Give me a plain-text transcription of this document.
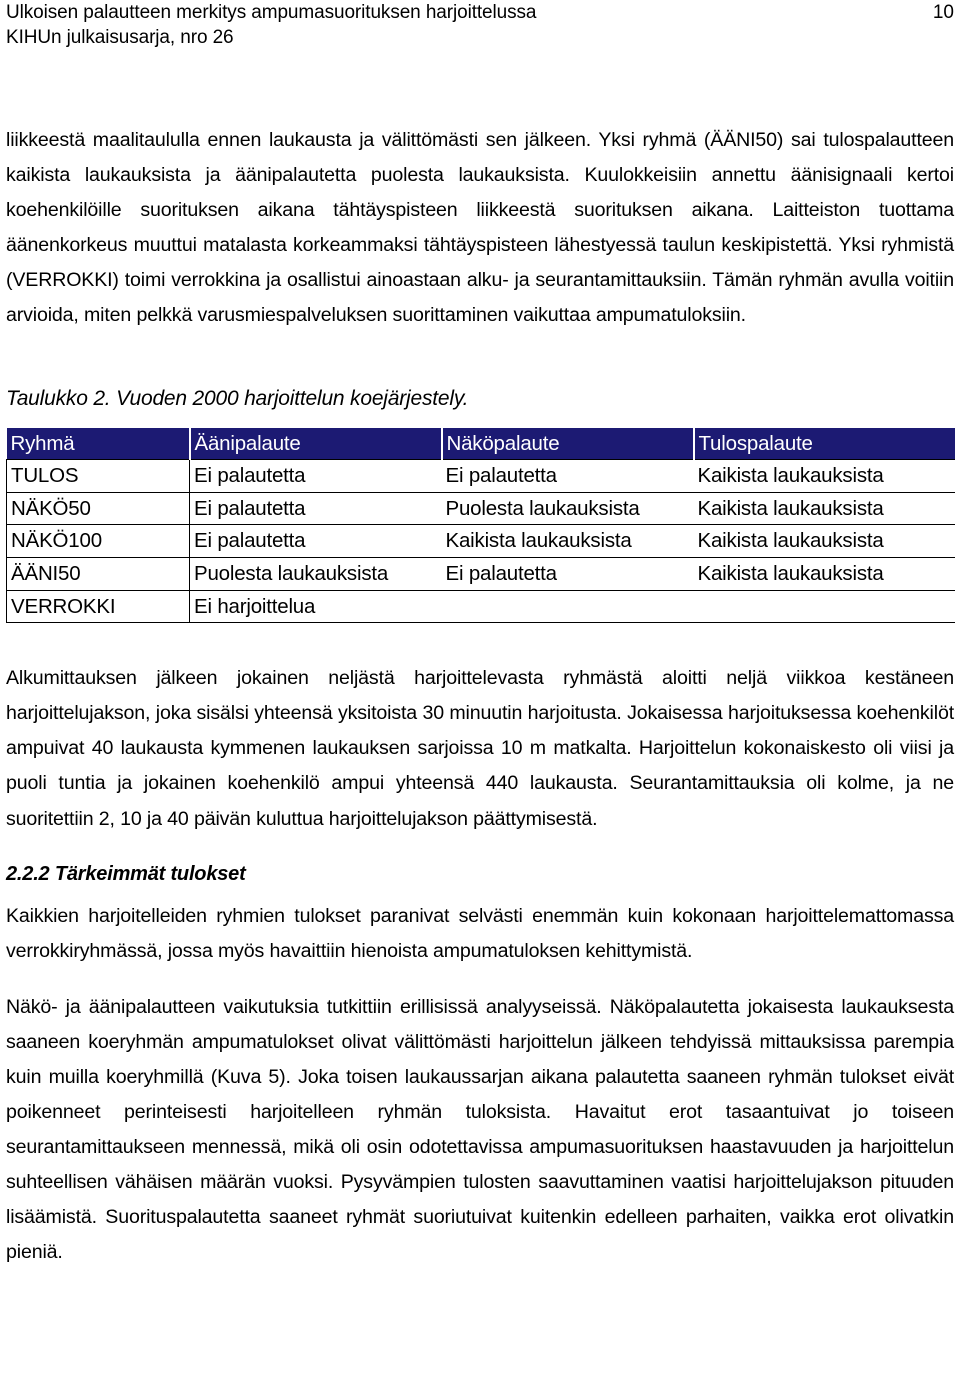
Ulkoisen palautteen merkitys ampumasuorituksen harjoittelussa
KIHUn julkaisusarja, nro 26
10

liikkeestä maalitaululla ennen laukausta ja välittömästi sen jälkeen. Yksi ryhmä (ÄÄNI50) sai tulospalautteen kaikista laukauksista ja äänipalautetta puolesta laukauksista. Kuulokkeisiin annettu äänisignaali kertoi koehenkilöille suorituksen aikana tähtäyspisteen liikkeestä suorituksen aikana. Laitteiston tuottama äänenkorkeus muuttui matalasta korkeammaksi tähtäyspisteen lähestyessä taulun keskipistettä. Yksi ryhmistä (VERROKKI) toimi verrokkina ja osallistui ainoastaan alku- ja seurantamittauksiin. Tämän ryhmän avulla voitiin arvioida, miten pelkkä varusmiespalveluksen suorittaminen vaikuttaa ampumatuloksiin.

Taulukko 2. Vuoden 2000 harjoittelun koejärjestely.
Ryhmä	Äänipalaute	Näköpalaute	Tulospalaute
TULOS	Ei palautetta	Ei palautetta	Kaikista laukauksista
NÄKÖ50	Ei palautetta	Puolesta laukauksista	Kaikista laukauksista
NÄKÖ100	Ei palautetta	Kaikista laukauksista	Kaikista laukauksista
ÄÄNI50	Puolesta laukauksista	Ei palautetta	Kaikista laukauksista
VERROKKI	Ei harjoittelua		

Alkumittauksen jälkeen jokainen neljästä harjoittelevasta ryhmästä aloitti neljä viikkoa kestäneen harjoittelujakson, joka sisälsi yhteensä yksitoista 30 minuutin harjoitusta. Jokaisessa harjoituksessa koehenkilöt ampuivat 40 laukausta kymmenen laukauksen sarjoissa 10 m matkalta. Harjoittelun kokonaiskesto oli viisi ja puoli tuntia ja jokainen koehenkilö ampui yhteensä 440 laukausta. Seurantamittauksia oli kolme, ja ne suoritettiin 2, 10 ja 40 päivän kuluttua harjoittelujakson päättymisestä.

2.2.2 Tärkeimmät tulokset

Kaikkien harjoitelleiden ryhmien tulokset paranivat selvästi enemmän kuin kokonaan harjoittelemattomassa verrokkiryhmässä, jossa myös havaittiin hienoista ampumatuloksen kehittymistä.

Näkö- ja äänipalautteen vaikutuksia tutkittiin erillisissä analyyseissä. Näköpalautetta jokaisesta laukauksesta saaneen koeryhmän ampumatulokset olivat välittömästi harjoittelun jälkeen tehdyissä mittauksissa parempia kuin muilla koeryhmillä (Kuva 5). Joka toisen laukaussarjan aikana palautetta saaneen ryhmän tulokset eivät poikenneet perinteisesti harjoitelleen ryhmän tuloksista. Havaitut erot tasaantuivat jo toiseen seurantamittaukseen mennessä, mikä oli osin odotettavissa ampumasuorituksen haastavuuden ja harjoittelun suhteellisen vähäisen määrän vuoksi. Pysyvämpien tulosten saavuttaminen vaatisi harjoittelujakson pituuden lisäämistä. Suorituspalautetta saaneet ryhmät suoriutuivat kuitenkin edelleen parhaiten, vaikka erot olivatkin pieniä.
